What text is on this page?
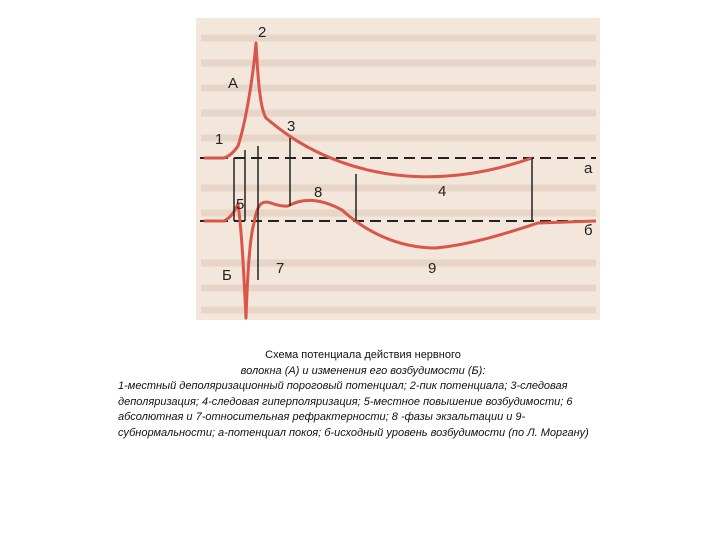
А
2
1
3
8	4
5
Б	7	9
а
б
Схема потенциала действия нервного
волокна (А) и изменения его возбудимости (Б):
1-местный деполяризационный пороговый потенциал; 2-пик потенциала; 3-следовая деполяризация; 4-следовая гиперполяризация; 5-местное повышение возбудимости; 6 абсолютная и 7-относительная рефрактерности; 8 -фазы экзальтации и 9-субнормальности; а-потенциал покоя; б-исходный уровень возбудимости (по Л. Моргану)
